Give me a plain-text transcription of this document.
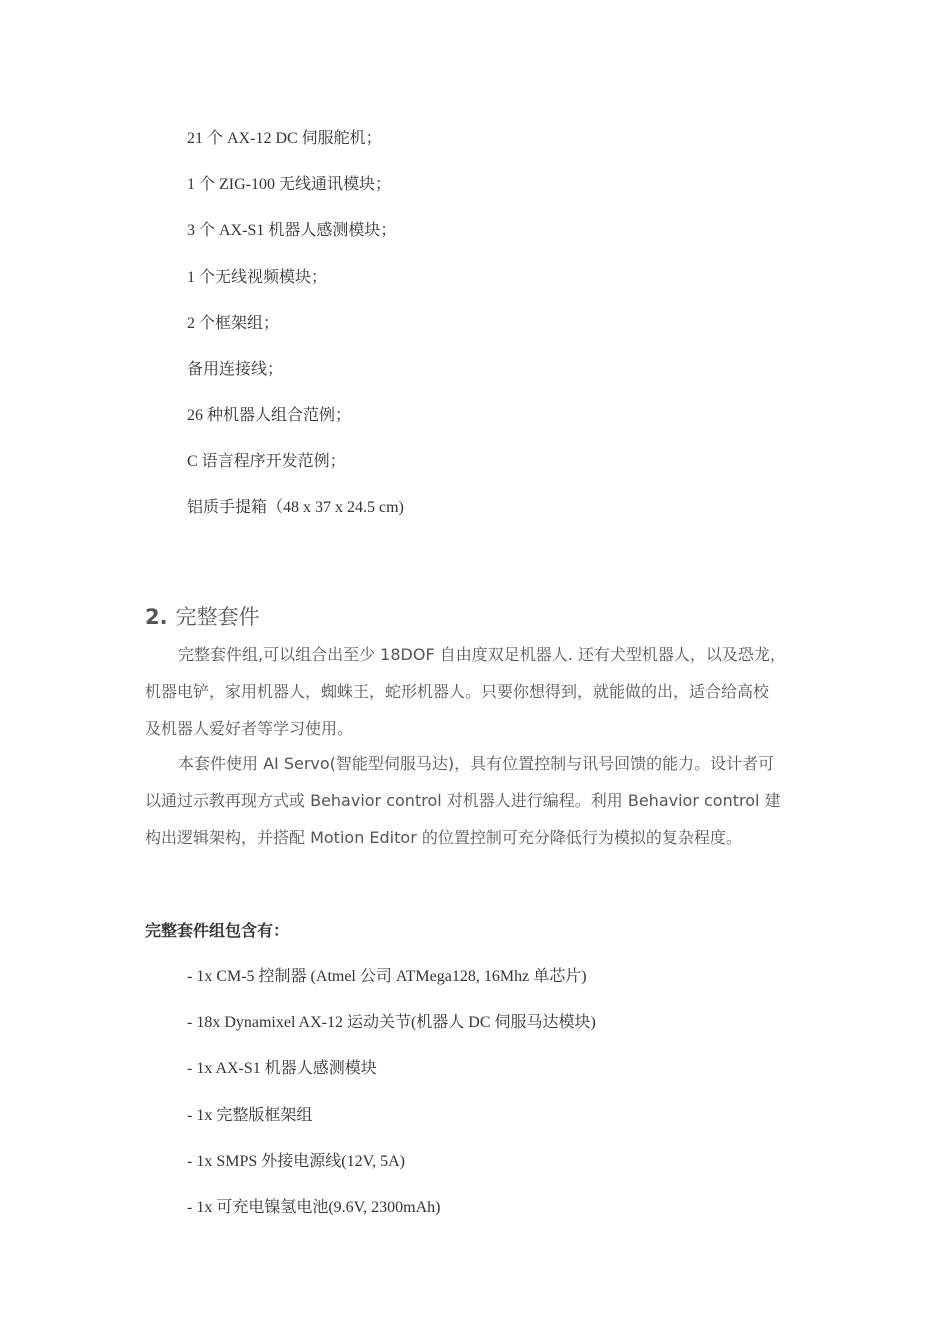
21 个 AX-12 DC 伺服舵机；
1 个 ZIG-100 无线通讯模块；
3 个 AX-S1 机器人感测模块；
1 个无线视频模块；
2 个框架组；
备用连接线；
26 种机器人组合范例；
C 语言程序开发范例；
铝质手提箱（48 x 37 x 24.5 cm)
2. 完整套件
完整套件组,可以组合出至少 18DOF 自由度双足机器人. 还有犬型机器人，以及恐龙，
机器电铲，家用机器人，蜘蛛王，蛇形机器人。只要你想得到，就能做的出，适合给高校
及机器人爱好者等学习使用。
本套件使用 AI Servo(智能型伺服马达)，具有位置控制与讯号回馈的能力。设计者可
以通过示教再现方式或 Behavior control 对机器人进行编程。利用 Behavior control 建
构出逻辑架构，并搭配 Motion Editor 的位置控制可充分降低行为模拟的复杂程度。
完整套件组包含有：
- 1x CM-5 控制器 (Atmel 公司 ATMega128, 16Mhz 单芯片)
- 18x Dynamixel AX-12 运动关节(机器人 DC 伺服马达模块)
- 1x AX-S1 机器人感测模块
- 1x 完整版框架组
- 1x SMPS 外接电源线(12V, 5A)
- 1x 可充电镍氢电池(9.6V, 2300mAh)
